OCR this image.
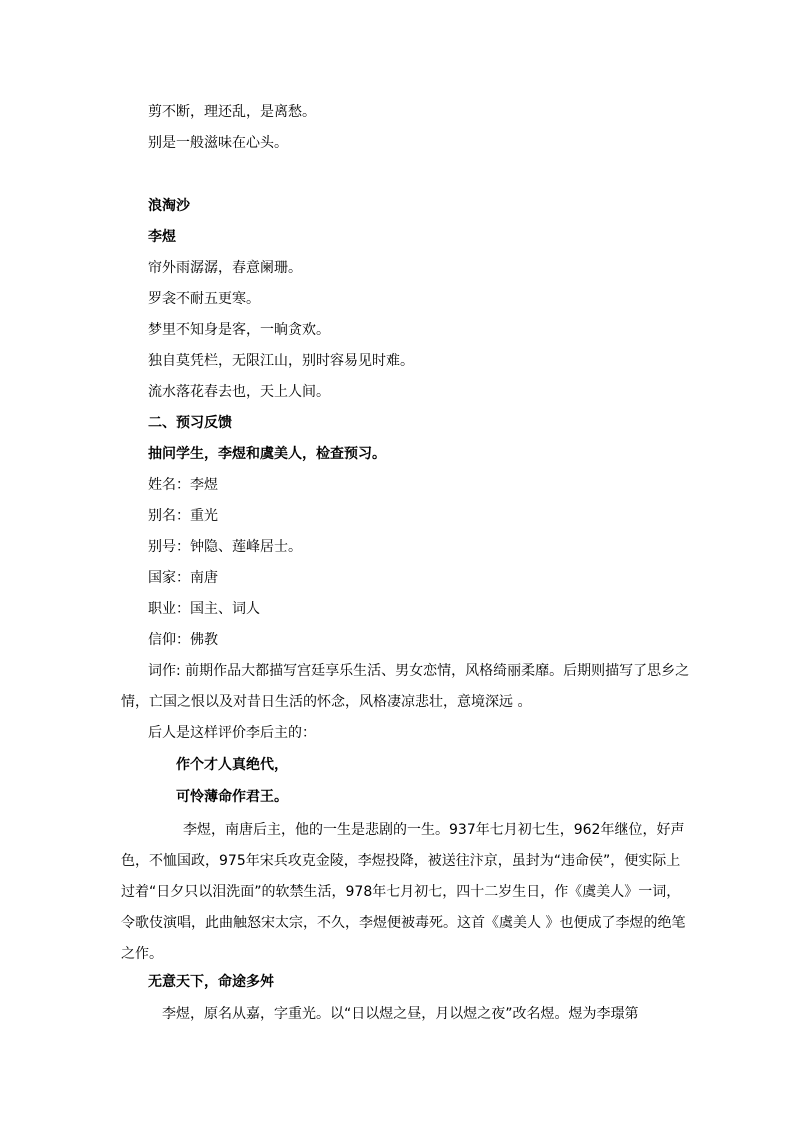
剪不断，理还乱，是离愁。
别是一般滋味在心头。
浪淘沙
李煜
帘外雨潺潺，春意阑珊。
罗衾不耐五更寒。
梦里不知身是客，一晌贪欢。
独自莫凭栏，无限江山，别时容易见时难。
流水落花春去也，天上人间。
二、预习反馈
抽问学生，李煜和虞美人，检查预习。
姓名：李煜
别名：重光
别号：钟隐、莲峰居士。
国家：南唐
职业：国主、词人
信仰：佛教
词作: 前期作品大都描写宫廷享乐生活、男女恋情，风格绮丽柔靡。后期则描写了思乡之情，亡国之恨以及对昔日生活的怀念，风格凄凉悲壮，意境深远 。
后人是这样评价李后主的：
作个才人真绝代，
可怜薄命作君王。
李煜，南唐后主，他的一生是悲剧的一生。937年七月初七生，962年继位，好声色，不恤国政，975年宋兵攻克金陵，李煜投降，被送往汴京，虽封为“违命侯”，便实际上过着“日夕只以泪洗面”的软禁生活，978年七月初七，四十二岁生日，作《虞美人》一词，令歌伎演唱，此曲触怒宋太宗，不久，李煜便被毒死。这首《虞美人 》也便成了李煜的绝笔之作。
无意天下，命途多舛
李煜，原名从嘉，字重光。以“日以煜之昼，月以煜之夜”改名煜。煜为李璟第
